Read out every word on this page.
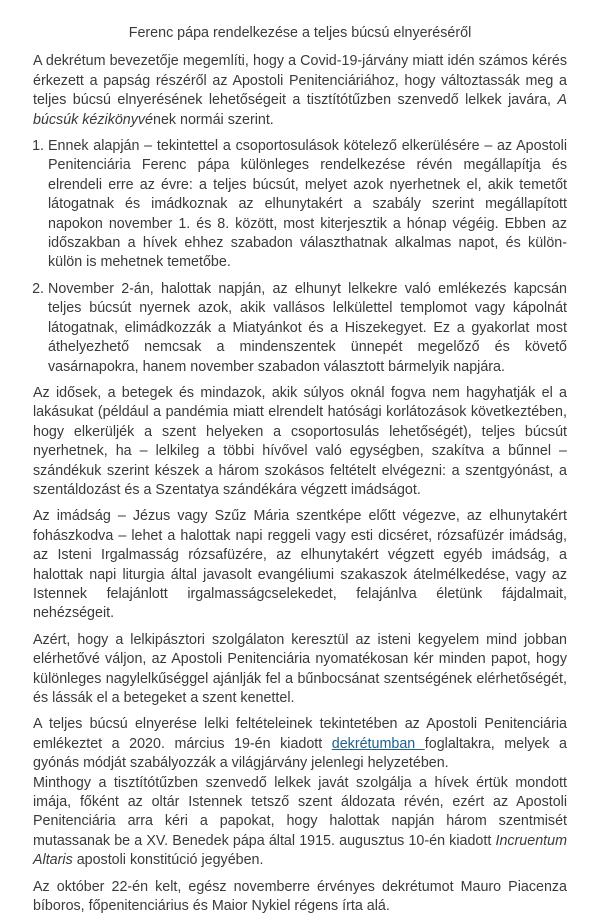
Ferenc pápa rendelkezése a teljes búcsú elnyeréséről

A dekrétum bevezetője megemlíti, hogy a Covid-19-járvány miatt idén számos kérés érkezett a papság részéről az Apostoli Penitenciáriához, hogy változtassák meg a teljes búcsú elnyerésének lehetőségeit a tisztítótűzben szenvedő lelkek javára, A búcsúk kézikönyvének normái szerint.

1. Ennek alapján – tekintettel a csoportosulások kötelező elkerülésére – az Apostoli Penitenciária Ferenc pápa különleges rendelkezése révén megállapítja és elrendeli erre az évre: a teljes búcsút, melyet azok nyerhetnek el, akik temetőt látogatnak és imádkoznak az elhunytakért a szabály szerint megállapított napokon november 1. és 8. között, most kiterjesztik a hónap végéig. Ebben az időszakban a hívek ehhez szabadon választhatnak alkalmas napot, és külön-külön is mehetnek temetőbe.
2. November 2-án, halottak napján, az elhunyt lelkekre való emlékezés kapcsán teljes búcsút nyernek azok, akik vallásos lelkülettel templomot vagy kápolnát látogatnak, elimádkozzák a Miatyánkot és a Hiszekegyet. Ez a gyakorlat most áthelyezhető nemcsak a mindenszentek ünnepét megelőző és követő vasárnapokra, hanem november szabadon választott bármelyik napjára.

Az idősek, a betegek és mindazok, akik súlyos oknál fogva nem hagyhatják el a lakásukat (például a pandémia miatt elrendelt hatósági korlátozások következtében, hogy elkerüljék a szent helyeken a csoportosulás lehetőségét), teljes búcsút nyerhetnek, ha – lelkileg a többi hívővel való egységben, szakítva a bűnnel – szándékuk szerint készek a három szokásos feltételt elvégezni: a szentgyónást, a szentáldozást és a Szentatya szándékára végzett imádságot.

Az imádság – Jézus vagy Szűz Mária szentképe előtt végezve, az elhunytakért fohászkodva – lehet a halottak napi reggeli vagy esti dicséret, rózsafüzér imádság, az Isteni Irgalmasság rózsafüzére, az elhunytakért végzett egyéb imádság, a halottak napi liturgia által javasolt evangéliumi szakaszok átelmélkedése, vagy az Istennek felajánlott irgalmasságcselekedet, felajánlva életünk fájdalmait, nehézségeit.

Azért, hogy a lelkipásztori szolgálaton keresztül az isteni kegyelem mind jobban elérhetővé váljon, az Apostoli Penitenciária nyomatékosan kér minden papot, hogy különleges nagylelkűséggel ajánlják fel a bűnbocsánat szentségének elérhetőségét, és lássák el a betegeket a szent kenettel.

A teljes búcsú elnyerése lelki feltételeinek tekintetében az Apostoli Penitenciária emlékeztet a 2020. március 19-én kiadott dekrétumban foglaltakra, melyek a gyónás módját szabályozzák a világjárvány jelenlegi helyzetében.

Minthogy a tisztítótűzben szenvedő lelkek javát szolgálja a hívek értük mondott imája, főként az oltár Istennek tetsző szent áldozata révén, ezért az Apostoli Penitenciária arra kéri a papokat, hogy halottak napján három szentmisét mutassanak be a XV. Benedek pápa által 1915. augusztus 10-én kiadott Incruentum Altaris apostoli konstitúció jegyében.

Az október 22-én kelt, egész novemberre érvényes dekrétumot Mauro Piacenza bíboros, főpenitenciárius és Maior Nykiel régens írta alá.
